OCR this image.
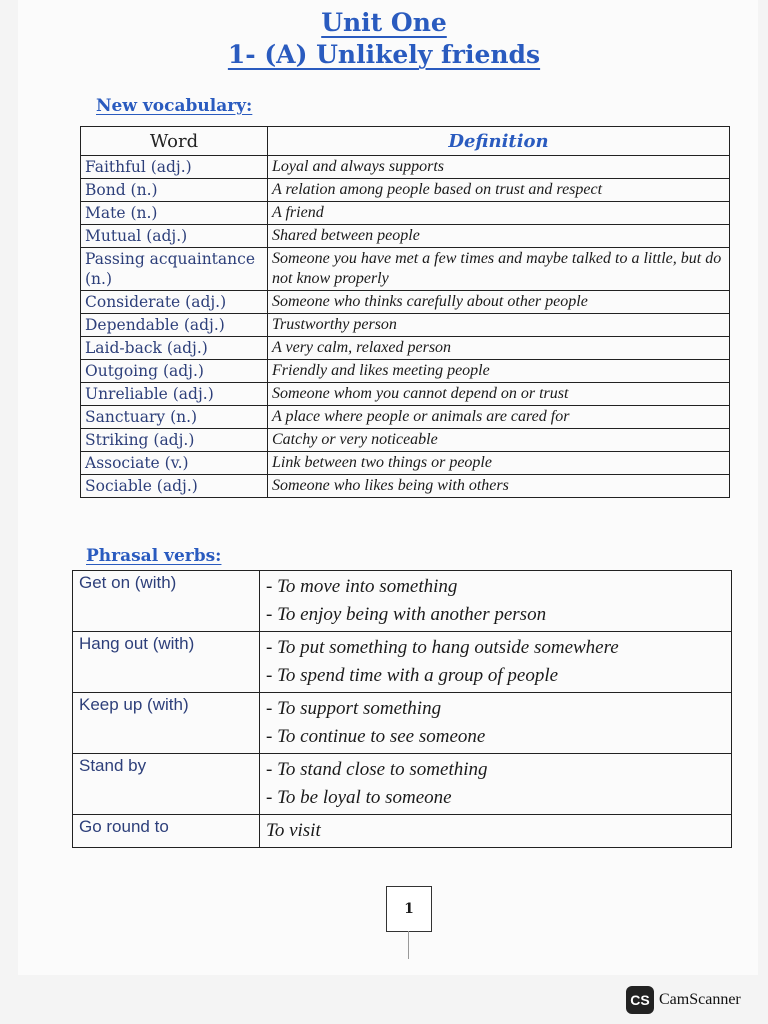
Unit One
1- (A) Unlikely friends
New vocabulary:
Word	Definition
Faithful (adj.)	Loyal and always supports
Bond (n.)	A relation among people based on trust and respect
Mate (n.)	A friend
Mutual (adj.)	Shared between people
Passing acquaintance (n.)	Someone you have met a few times and maybe talked to a little, but do not know properly
Considerate (adj.)	Someone who thinks carefully about other people
Dependable (adj.)	Trustworthy person
Laid-back (adj.)	A very calm, relaxed person
Outgoing (adj.)	Friendly and likes meeting people
Unreliable (adj.)	Someone whom you cannot depend on or trust
Sanctuary (n.)	A place where people or animals are cared for
Striking (adj.)	Catchy or very noticeable
Associate (v.)	Link between two things or people
Sociable (adj.)	Someone who likes being with others
Phrasal verbs:
Get on (with)	- To move into something
- To enjoy being with another person

Hang out (with)	- To put something to hang outside somewhere
- To spend time with a group of people

Keep up (with)	- To support something
- To continue to see someone

Stand by	- To stand close to something
- To be loyal to someone

Go round to	To visit
1
CS CamScanner
